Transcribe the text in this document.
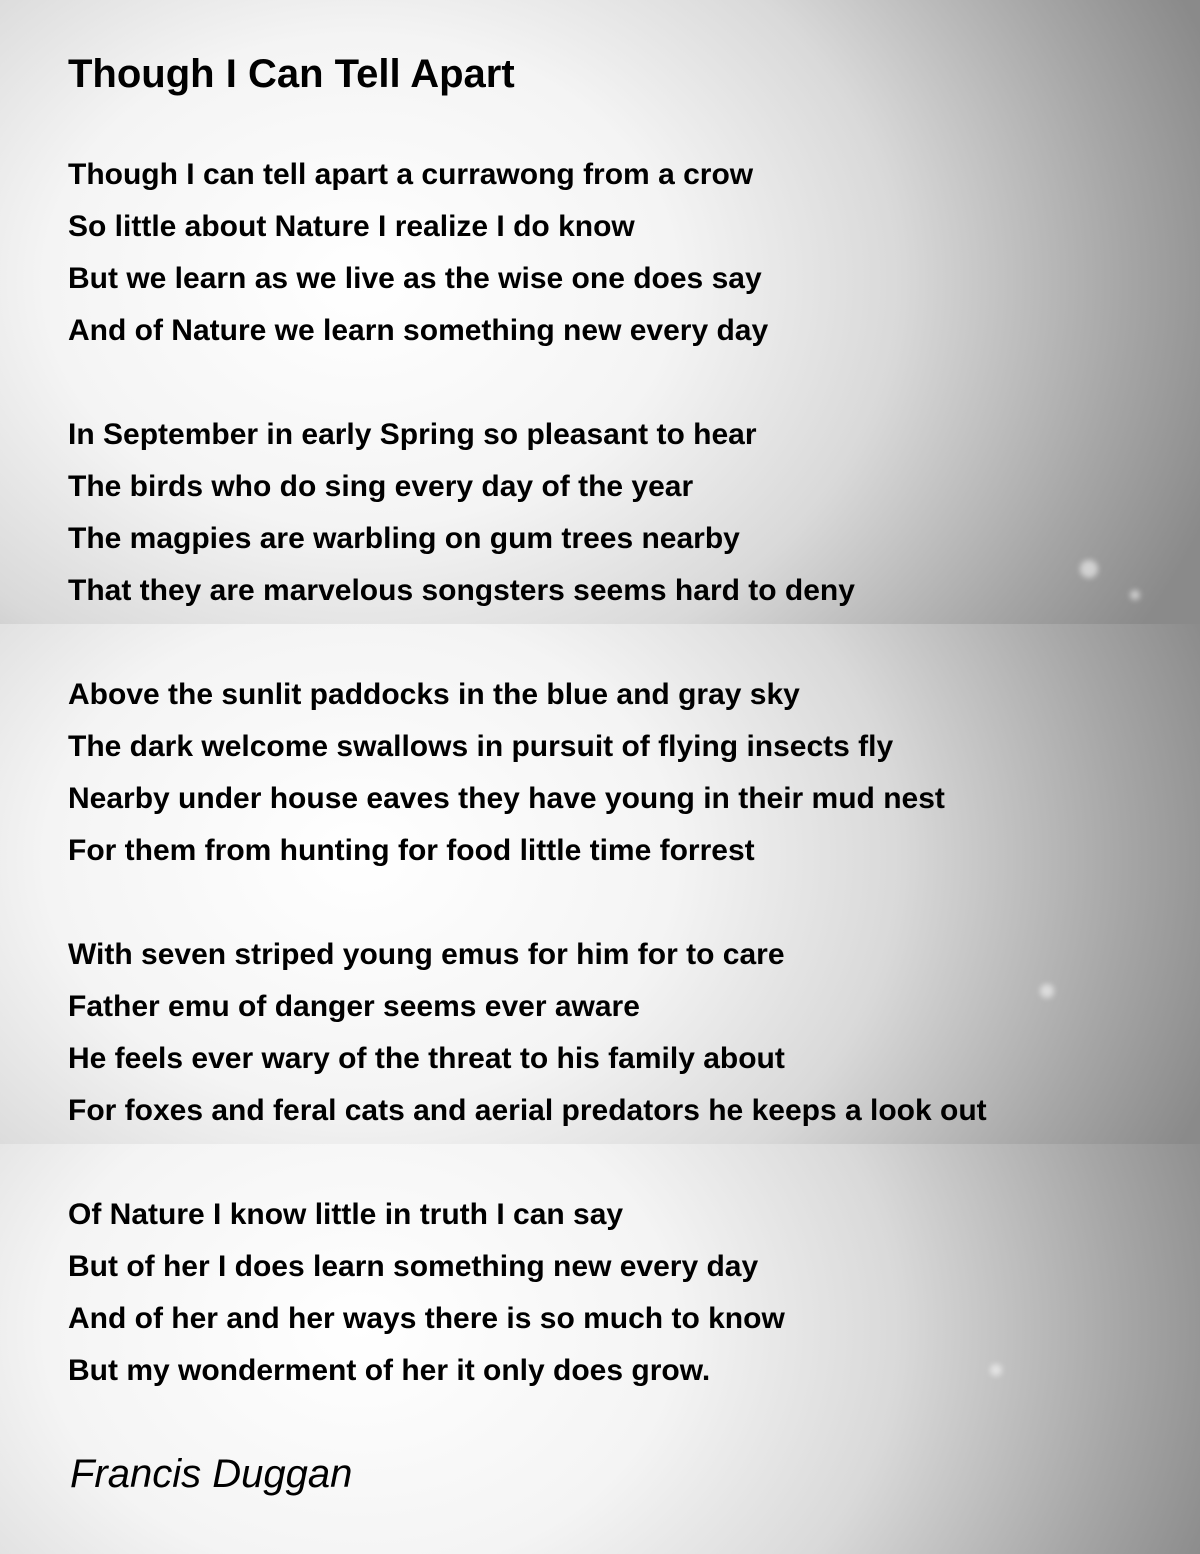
Though I Can Tell Apart
Though I can tell apart a currawong from a crow
So little about Nature I realize I do know
But we learn as we live as the wise one does say
And of Nature we learn something new every day
In September in early Spring so pleasant to hear
The birds who do sing every day of the year
The magpies are warbling on gum trees nearby
That they are marvelous songsters seems hard to deny
Above the sunlit paddocks in the blue and gray sky
The dark welcome swallows in pursuit of flying insects fly
Nearby under house eaves they have young in their mud nest
For them from hunting for food little time forrest
With seven striped young emus for him for to care
Father emu of danger seems ever aware
He feels ever wary of the threat to his family about
For foxes and feral cats and aerial predators he keeps a look out
Of Nature I know little in truth I can say
But of her I does learn something new every day
And of her and her ways there is so much to know
But my wonderment of her it only does grow.
Francis Duggan
